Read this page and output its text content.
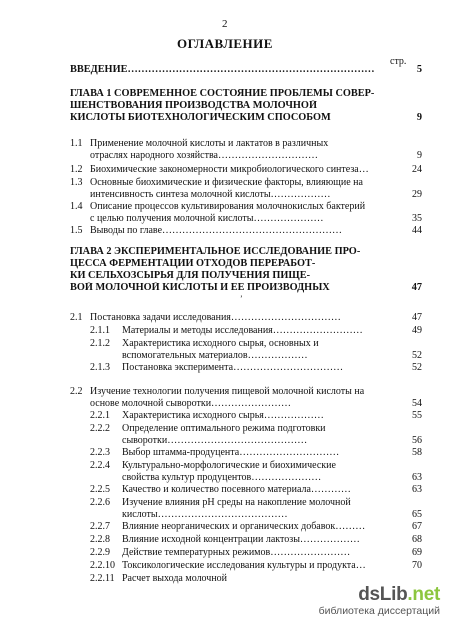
2
ОГЛАВЛЕНИЕ
стр.
ʼ
ВВЕДЕНИЕ………………………………………………………………	5
ГЛАВА 1 СОВРЕМЕННОЕ СОСТОЯНИЕ ПРОБЛЕМЫ СОВЕР-
ШЕНСТВОВАНИЯ ПРОИЗВОДСТВА МОЛОЧНОЙ
КИСЛОТЫ БИОТЕХНОЛОГИЧЕСКИМ СПОСОБОМ	9
1.1 Применение молочной кислоты и лактатов в различных
отраслях народного хозяйства…………………………	9
1.2 Биохимические закономерности микробиологического синтеза…	24
1.3 Основные биохимические и физические факторы, влияющие на
интенсивность синтеза молочной кислоты………………	29
1.4 Описание процессов культивирования молочнокислых бактерий
с целью получения молочной кислоты…………………	35
1.5 Выводы по главе………………………………………………	44
ГЛАВА 2 ЭКСПЕРИМЕНТАЛЬНОЕ ИССЛЕДОВАНИЕ ПРО-
ЦЕССА ФЕРМЕНТАЦИИ ОТХОДОВ ПЕРЕРАБОТ-
КИ СЕЛЬХОЗСЫРЬЯ ДЛЯ ПОЛУЧЕНИЯ ПИЩЕ-
ВОЙ МОЛОЧНОЙ КИСЛОТЫ И ЕЕ ПРОИЗВОДНЫХ	47
2.1 Постановка задачи исследования……………………………	47
2.1.1 Материалы и методы исследования………………………	49
2.1.2 Характеристика исходного сырья, основных и
вспомогательных материалов………………	52
2.1.3 Постановка эксперимента……………………………	52
2.2 Изучение технологии получения пищевой молочной кислоты на
основе молочной сыворотки……………………	54
2.2.1 Характеристика исходного сырья………………	55
2.2.2 Определение оптимального режима подготовки
сыворотки……………………………………	56
2.2.3 Выбор штамма-продуцента…………………………	58
2.2.4 Культурально-морфологические и биохимические
свойства культур продуцентов…………………	63
2.2.5 Качество и количество посевного материала…………	63
2.2.6 Изучение влияния pH среды на накопление молочной
кислоты…………………………………	65
2.2.7 Влияние неорганических и органических добавок………	67
2.2.8 Влияние исходной концентрации лактозы………………	68
2.2.9 Действие температурных режимов……………………	69
2.2.10 Токсикологические исследования культуры и продукта…	70
2.2.11 Расчет выхода молочной
dsLib.net
библиотека диссертаций
